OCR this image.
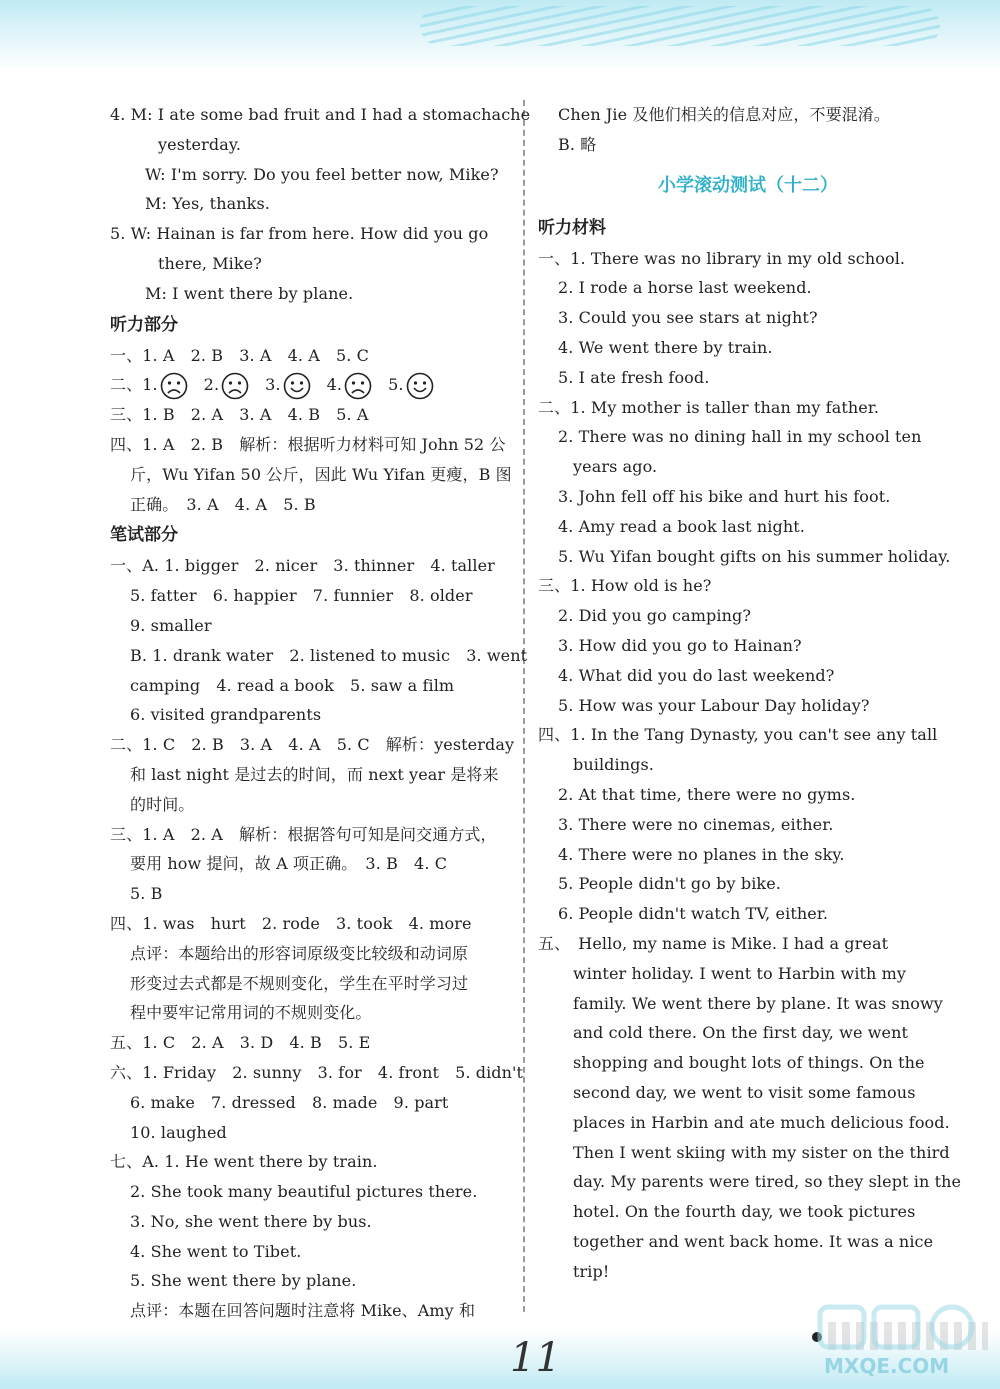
4. M: I ate some bad fruit and I had a stomachache
yesterday.
W: I'm sorry. Do you feel better now, Mike?
M: Yes, thanks.
5. W: Hainan is far from here. How did you go
there, Mike?
M: I went there by plane.
听力部分
一、1. A　2. B　3. A　4. A　5. C
二、1.	2.	3.	4.	5.
三、1. B　2. A　3. A　4. B　5. A
四、1. A　2. B　解析：根据听力材料可知 John 52 公
斤，Wu Yifan 50 公斤，因此 Wu Yifan 更瘦，B 图
正确。　3. A　4. A　5. B
笔试部分
一、A. 1. bigger　2. nicer　3. thinner　4. taller
5. fatter　6. happier　7. funnier　8. older
9. smaller
B. 1. drank water　2. listened to music　3. went
camping　4. read a book　5. saw a film
6. visited grandparents
二、1. C　2. B　3. A　4. A　5. C　解析：yesterday
和 last night 是过去的时间，而 next year 是将来
的时间。
三、1. A　2. A　解析：根据答句可知是问交通方式，
要用 how 提问，故 A 项正确。　3. B　4. C
5. B
四、1. was　hurt　2. rode　3. took　4. more
点评：本题给出的形容词原级变比较级和动词原
形变过去式都是不规则变化，学生在平时学习过
程中要牢记常用词的不规则变化。
五、1. C　2. A　3. D　4. B　5. E
六、1. Friday　2. sunny　3. for　4. front　5. didn't
6. make　7. dressed　8. made　9. part
10. laughed
七、A. 1. He went there by train.
2. She took many beautiful pictures there.
3. No, she went there by bus.
4. She went to Tibet.
5. She went there by plane.
点评：本题在回答问题时注意将 Mike、Amy 和
Chen Jie 及他们相关的信息对应，不要混淆。
B. 略
小学滚动测试（十二）
听力材料
一、1. There was no library in my old school.
2. I rode a horse last weekend.
3. Could you see stars at night?
4. We went there by train.
5. I ate fresh food.
二、1. My mother is taller than my father.
2. There was no dining hall in my school ten
years ago.
3. John fell off his bike and hurt his foot.
4. Amy read a book last night.
5. Wu Yifan bought gifts on his summer holiday.
三、1. How old is he?
2. Did you go camping?
3. How did you go to Hainan?
4. What did you do last weekend?
5. How was your Labour Day holiday?
四、1. In the Tang Dynasty, you can't see any tall
buildings.
2. At that time, there were no gyms.
3. There were no cinemas, either.
4. There were no planes in the sky.
5. People didn't go by bike.
6. People didn't watch TV, either.
五、　Hello, my name is Mike. I had a great
winter holiday. I went to Harbin with my
family. We went there by plane. It was snowy
and cold there. On the first day, we went
shopping and bought lots of things. On the
second day, we went to visit some famous
places in Harbin and ate much delicious food.
Then I went skiing with my sister on the third
day. My parents were tired, so they slept in the
hotel. On the fourth day, we took pictures
together and went back home. It was a nice
trip!
11	MXQE.COM
